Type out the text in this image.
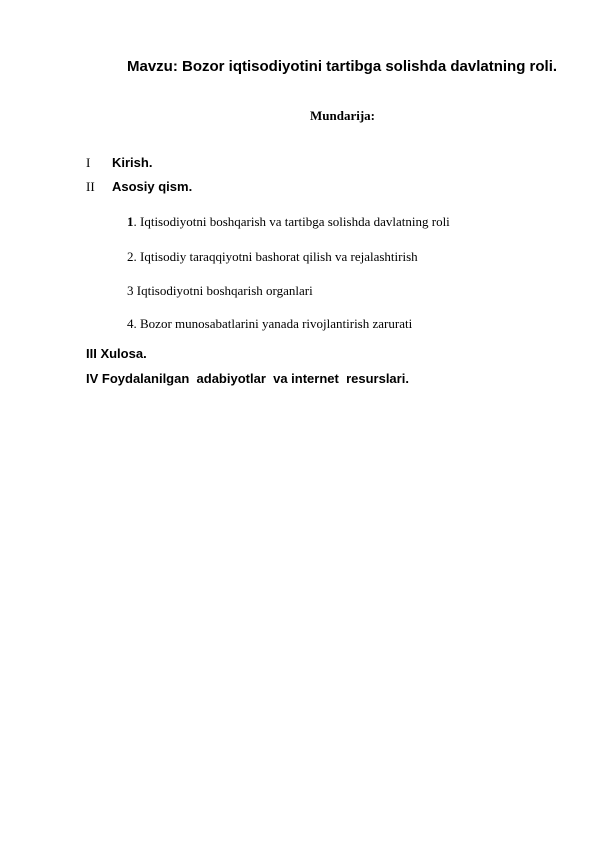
Mavzu: Bozor iqtisodiyotini tartibga solishda davlatning roli.
Mundarija:
I Kirish.
II Asosiy qism.
1. Iqtisodiyotni boshqarish va tartibga solishda davlatning roli
2. Iqtisodiy taraqqiyotni bashorat qilish va rejalashtirish
3 Iqtisodiyotni boshqarish organlari
4. Bozor munosabatlarini yanada rivojlantirish zarurati
III Xulosa.
IV Foydalanilgan  adabiyotlar  va internet  resurslari.
